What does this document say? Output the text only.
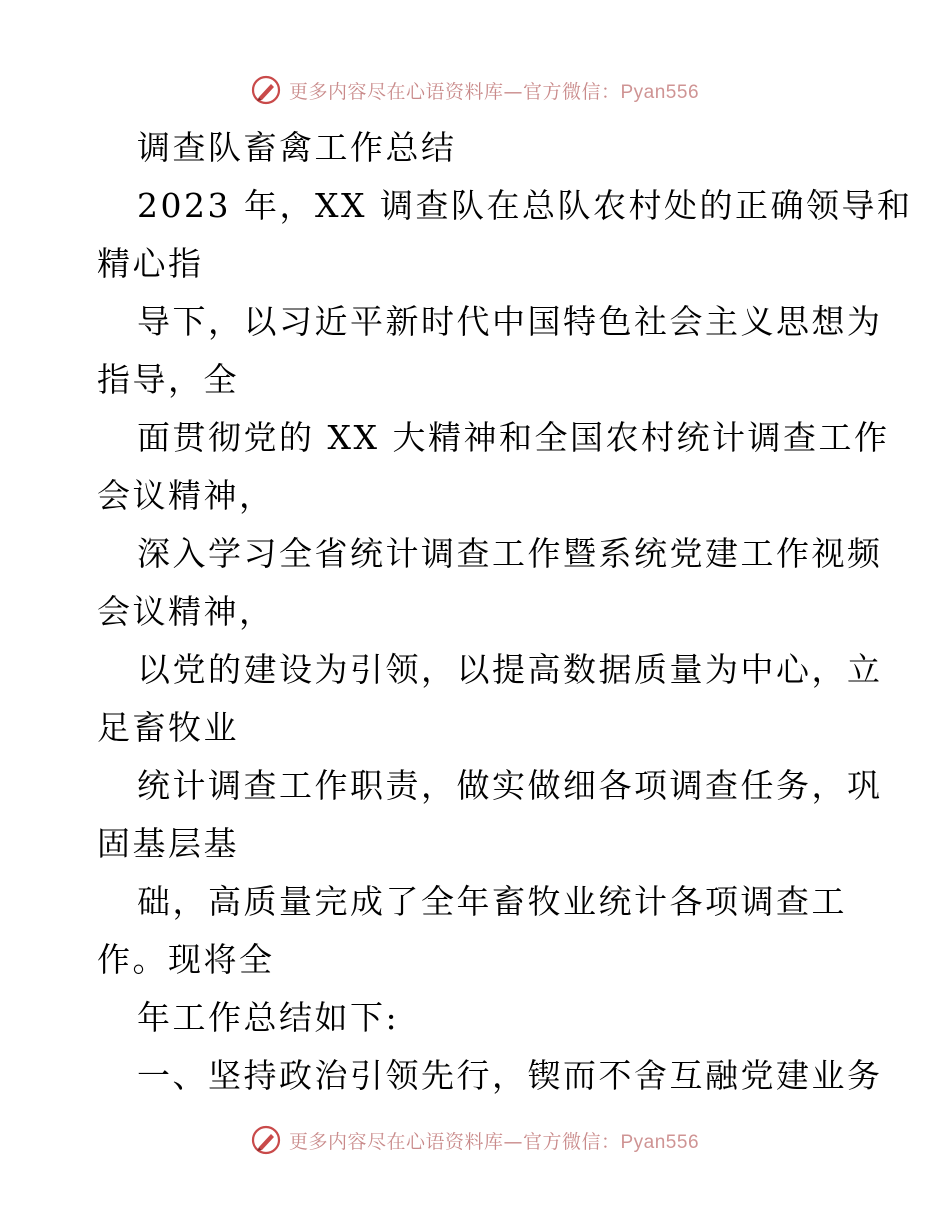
更多内容尽在心语资料库—官方微信：Pyan556
调查队畜禽工作总结
2023 年，XX 调查队在总队农村处的正确领导和
精心指
导下，以习近平新时代中国特色社会主义思想为
指导，全
面贯彻党的 XX 大精神和全国农村统计调查工作
会议精神，
深入学习全省统计调查工作暨系统党建工作视频
会议精神，
以党的建设为引领，以提高数据质量为中心，立
足畜牧业
统计调查工作职责，做实做细各项调查任务，巩
固基层基
础，高质量完成了全年畜牧业统计各项调查工
作。现将全
年工作总结如下:
一、坚持政治引领先行，锲而不舍互融党建业务
更多内容尽在心语资料库—官方微信：Pyan556
